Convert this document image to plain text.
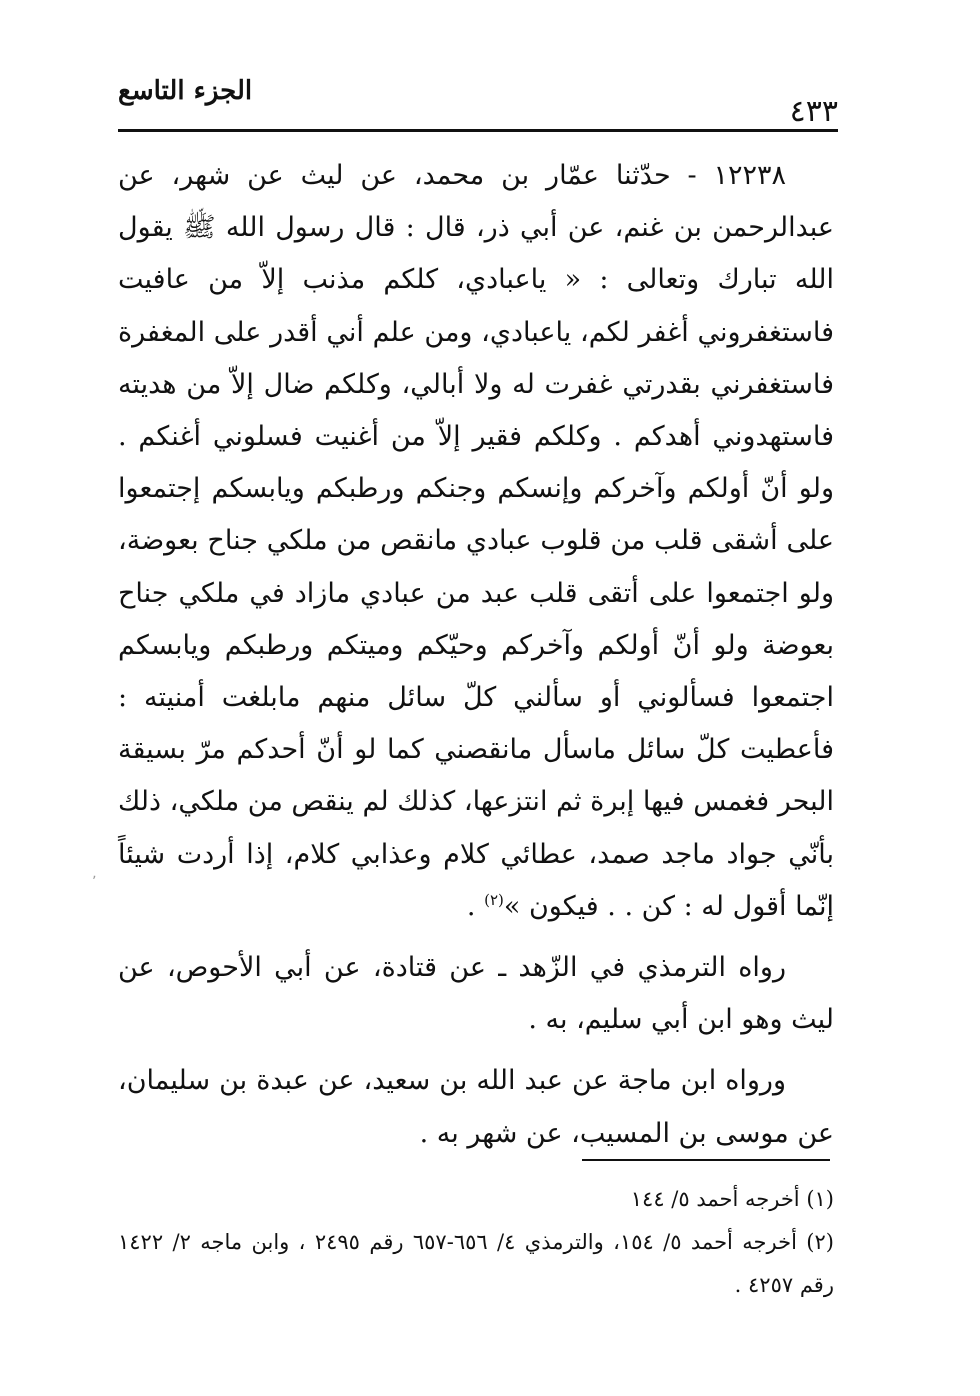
الجزء التاسع
٤٣٣

١٢٢٣٨ - حدّثنا عمّار بن محمد، عن ليث عن شهر، عن عبدالرحمن بن غنم، عن أبي ذر، قال : قال رسول الله ﷺ يقول الله تبارك وتعالى : « ياعبادي، كلكم مذنب إلاّ من عافيت فاستغفروني أغفر لكم، ياعبادي، ومن علم أني أقدر على المغفرة فاستغفرني بقدرتي غفرت له ولا أبالي، وكلكم ضال إلاّ من هديته فاستهدوني أهدكم . وكلكم فقير إلاّ من أغنيت فسلوني أغنكم . ولو أنّ أولكم وآخركم وإنسكم وجنكم ورطبكم ويابسكم إجتمعوا على أشقى قلب من قلوب عبادي مانقص من ملكي جناح بعوضة، ولو اجتمعوا على أتقى قلب عبد من عبادي مازاد في ملكي جناح بعوضة ولو أنّ أولكم وآخركم وحيّكم وميتكم ورطبكم ويابسكم اجتمعوا فسألوني أو سألني كلّ سائل منهم مابلغت أمنيته : فأعطيت كلّ سائل ماسأل مانقصني كما لو أنّ أحدكم مرّ بسيقة البحر فغمس فيها إبرة ثم انتزعها، كذلك لم ينقص من ملكي، ذلك بأنّي جواد ماجد صمد، عطائي كلام وعذابي كلام، إذا أردت شيئاً إنّما أقول له : كن . . فيكون »$^{(٢)}$ .

رواه الترمذي في الزّهد ـ عن قتادة، عن أبي الأحوص، عن ليث وهو ابن أبي سليم، به .

ورواه ابن ماجة عن عبد الله بن سعيد، عن عبدة بن سليمان، عن موسى بن المسيب، عن شهر به .

٬

(١) أخرجه أحمد ٥/ ١٤٤

(٢) أخرجه أحمد ٥/ ١٥٤، والترمذي ٤/ ٦٥٦-٦٥٧ رقم ٢٤٩٥ ، وابن ماجه ٢/ ١٤٢٢ رقم ٤٢٥٧ .
